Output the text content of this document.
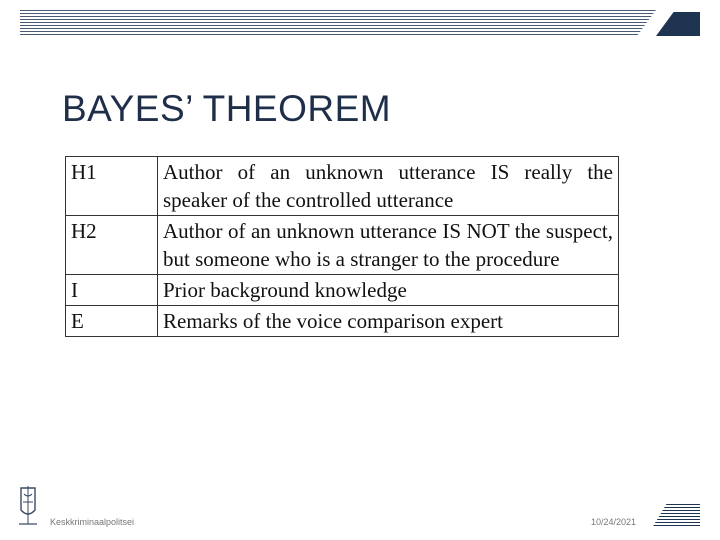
BAYES’ THEOREM
H1	Author of an unknown utterance IS really the speaker of the controlled utterance
H2	Author of an unknown utterance IS NOT the suspect, but someone who is a stranger to the procedure
I	Prior background knowledge
E	Remarks of the voice comparison expert
Keskkriminaalpolitsei	10/24/2021
